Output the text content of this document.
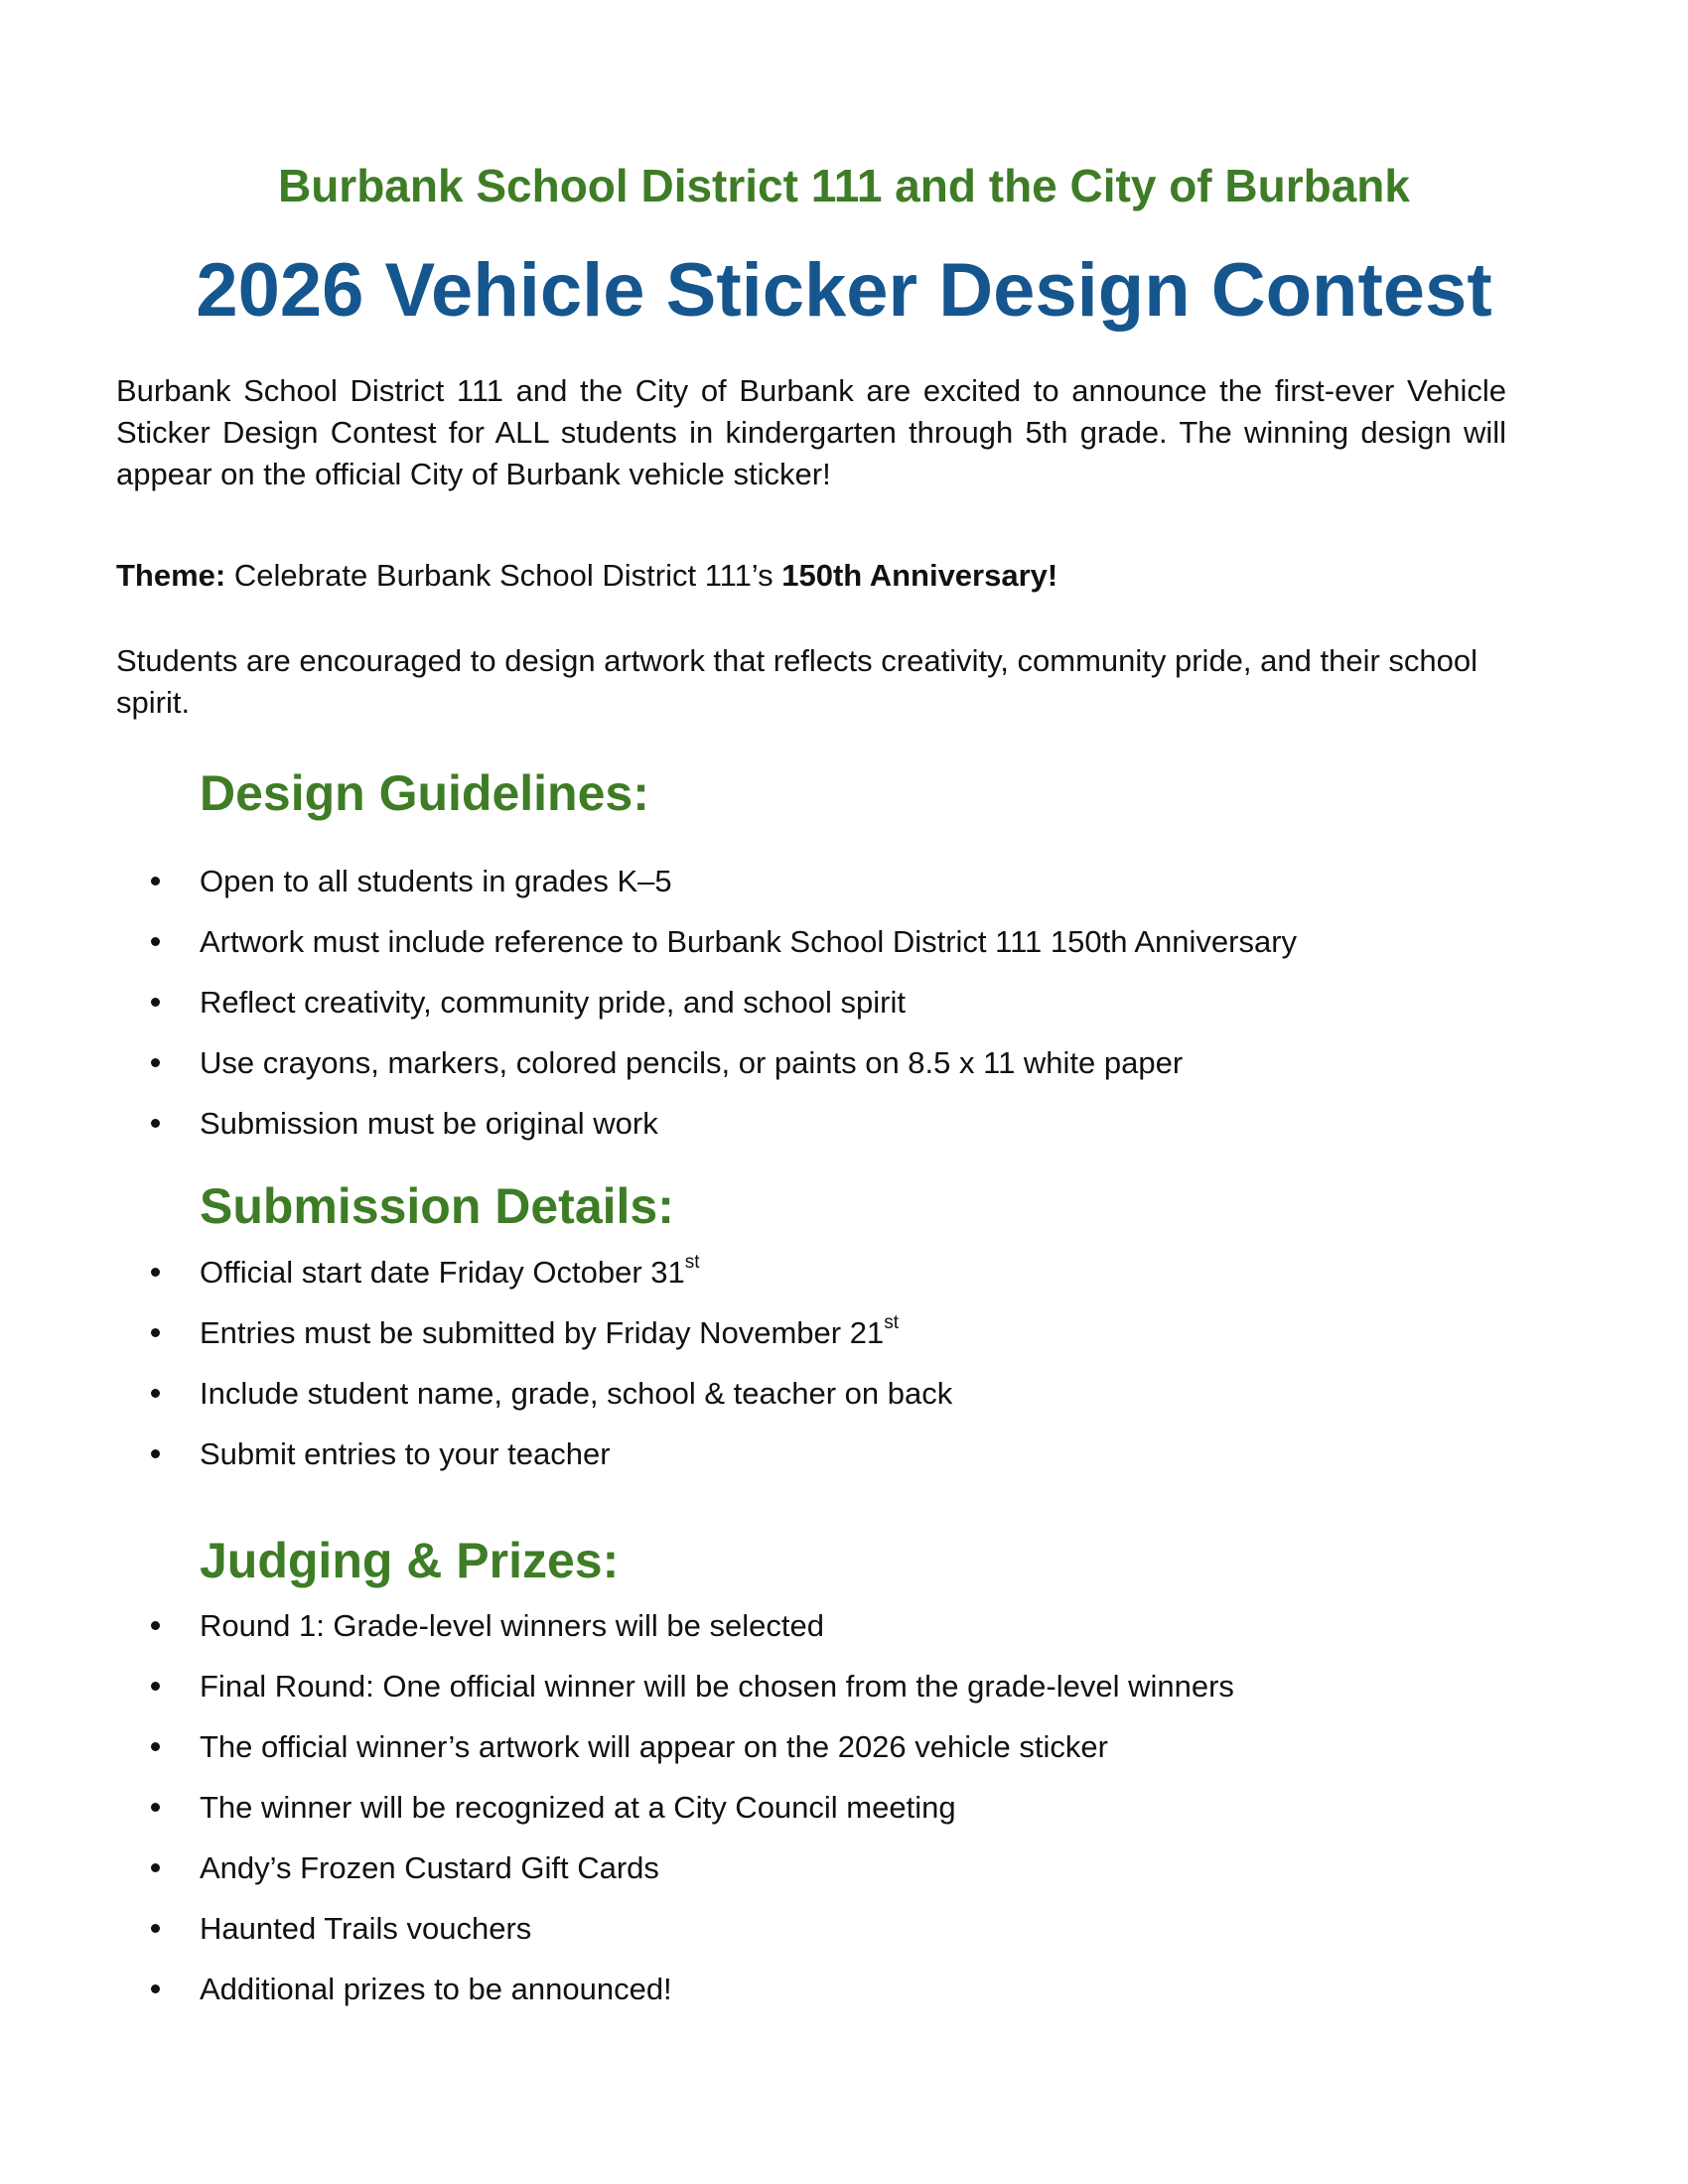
Burbank School District 111 and the City of Burbank
2026 Vehicle Sticker Design Contest

Burbank School District 111 and the City of Burbank are excited to announce the first-ever Vehicle Sticker Design Contest for ALL students in kindergarten through 5th grade. The winning design will appear on the official City of Burbank vehicle sticker!

Theme: Celebrate Burbank School District 111’s 150th Anniversary!

Students are encouraged to design artwork that reflects creativity, community pride, and their school spirit.

Design Guidelines:
Open to all students in grades K–5
Artwork must include reference to Burbank School District 111 150th Anniversary
Reflect creativity, community pride, and school spirit
Use crayons, markers, colored pencils, or paints on 8.5 x 11 white paper
Submission must be original work
Submission Details:
Official start date Friday October 31st
Entries must be submitted by Friday November 21st
Include student name, grade, school & teacher on back
Submit entries to your teacher
Judging & Prizes:
Round 1: Grade-level winners will be selected
Final Round: One official winner will be chosen from the grade-level winners
The official winner’s artwork will appear on the 2026 vehicle sticker
The winner will be recognized at a City Council meeting
Andy’s Frozen Custard Gift Cards
Haunted Trails vouchers
Additional prizes to be announced!
